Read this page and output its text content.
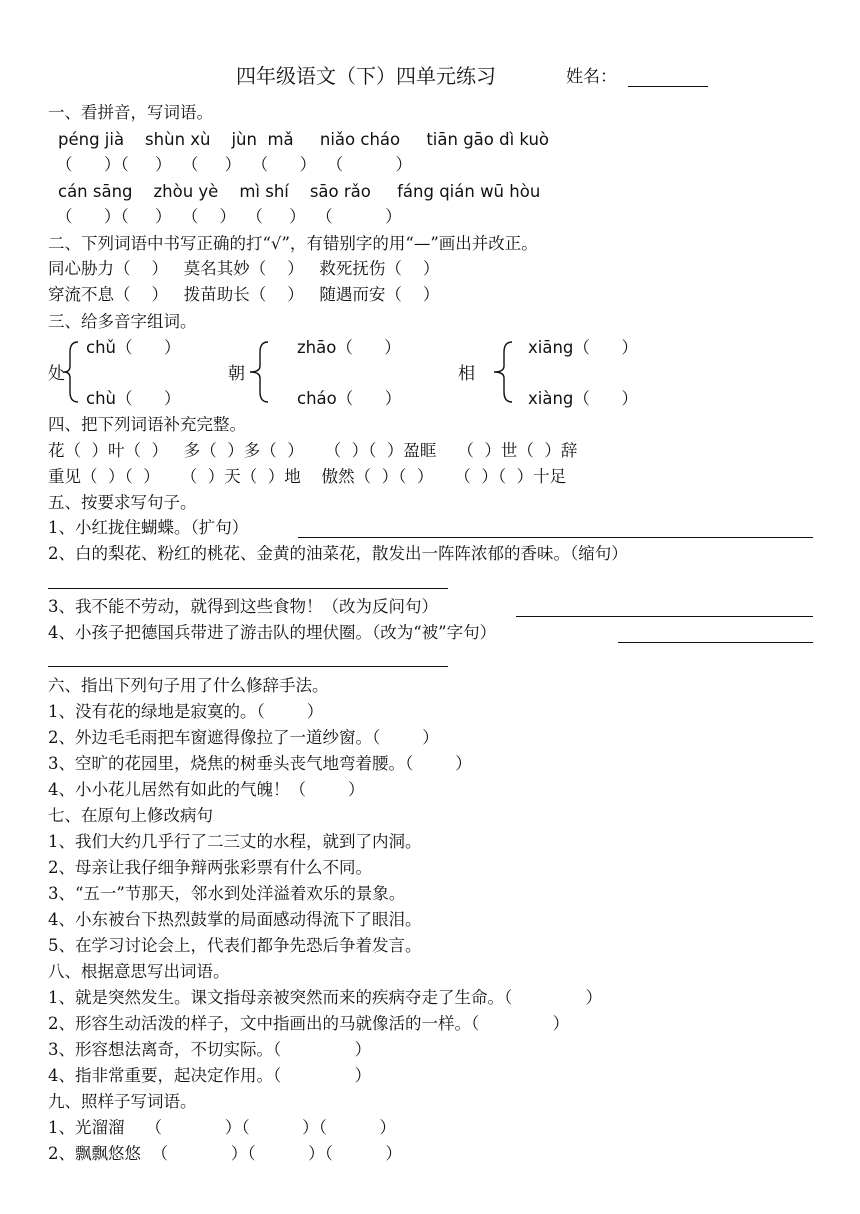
四年级语文（下）四单元练习	姓名：
一、看拼音，写词语。
péng jià    shùn xù    jùn  mǎ     niǎo cháo     tiān gāo dì kuò
（      ）（     ）  （     ）  （      ）  （          ）
cán sāng    zhòu yè    mì shí    sāo rǎo     fáng qián wū hòu
（      ）（     ）  （    ）  （     ）  （          ）
二、下列词语中书写正确的打“√”，有错别字的用“—”画出并改正。
同心胁力（    ）   莫名其妙（    ）   救死抚伤（    ）
穿流不息（    ）   拨苗助长（    ）   随遇而安（    ）
三、给多音字组词。
处
chǔ（      ）
chù（      ）
朝
zhāo（      ）
cháo（      ）
相
xiāng（      ）
xiàng（      ）
四、把下列词语补充完整。
花（  ）叶（  ）   多（  ）多（  ）    （  ）（  ）盈眶    （  ）世（  ）辞
重见（  ）（  ）    （  ）天（  ）地    傲然（  ）（  ）    （  ）（  ）十足
五、按要求写句子。
1、小红拢住蝴蝶。（扩句）
2、白的梨花、粉红的桃花、金黄的油菜花，散发出一阵阵浓郁的香味。（缩句）
3、我不能不劳动，就得到这些食物！（改为反问句）
4、小孩子把德国兵带进了游击队的埋伏圈。（改为“被”字句）
六、指出下列句子用了什么修辞手法。
1、没有花的绿地是寂寞的。（        ）
2、外边毛毛雨把车窗遮得像拉了一道纱窗。（        ）
3、空旷的花园里，烧焦的树垂头丧气地弯着腰。（        ）
4、小小花儿居然有如此的气魄！（        ）
七、在原句上修改病句
1、我们大约几乎行了二三丈的水程，就到了内洞。
2、母亲让我仔细争辩两张彩票有什么不同。
3、“五一”节那天，邻水到处洋溢着欢乐的景象。
4、小东被台下热烈鼓掌的局面感动得流下了眼泪。
5、在学习讨论会上，代表们都争先恐后争着发言。
八、根据意思写出词语。
1、就是突然发生。课文指母亲被突然而来的疾病夺走了生命。（              ）
2、形容生动活泼的样子，文中指画出的马就像活的一样。（              ）
3、形容想法离奇，不切实际。（              ）
4、指非常重要，起决定作用。（              ）
九、照样子写词语。
1、光溜溜    （            ）（          ）（          ）
2、飘飘悠悠  （            ）（          ）（          ）
